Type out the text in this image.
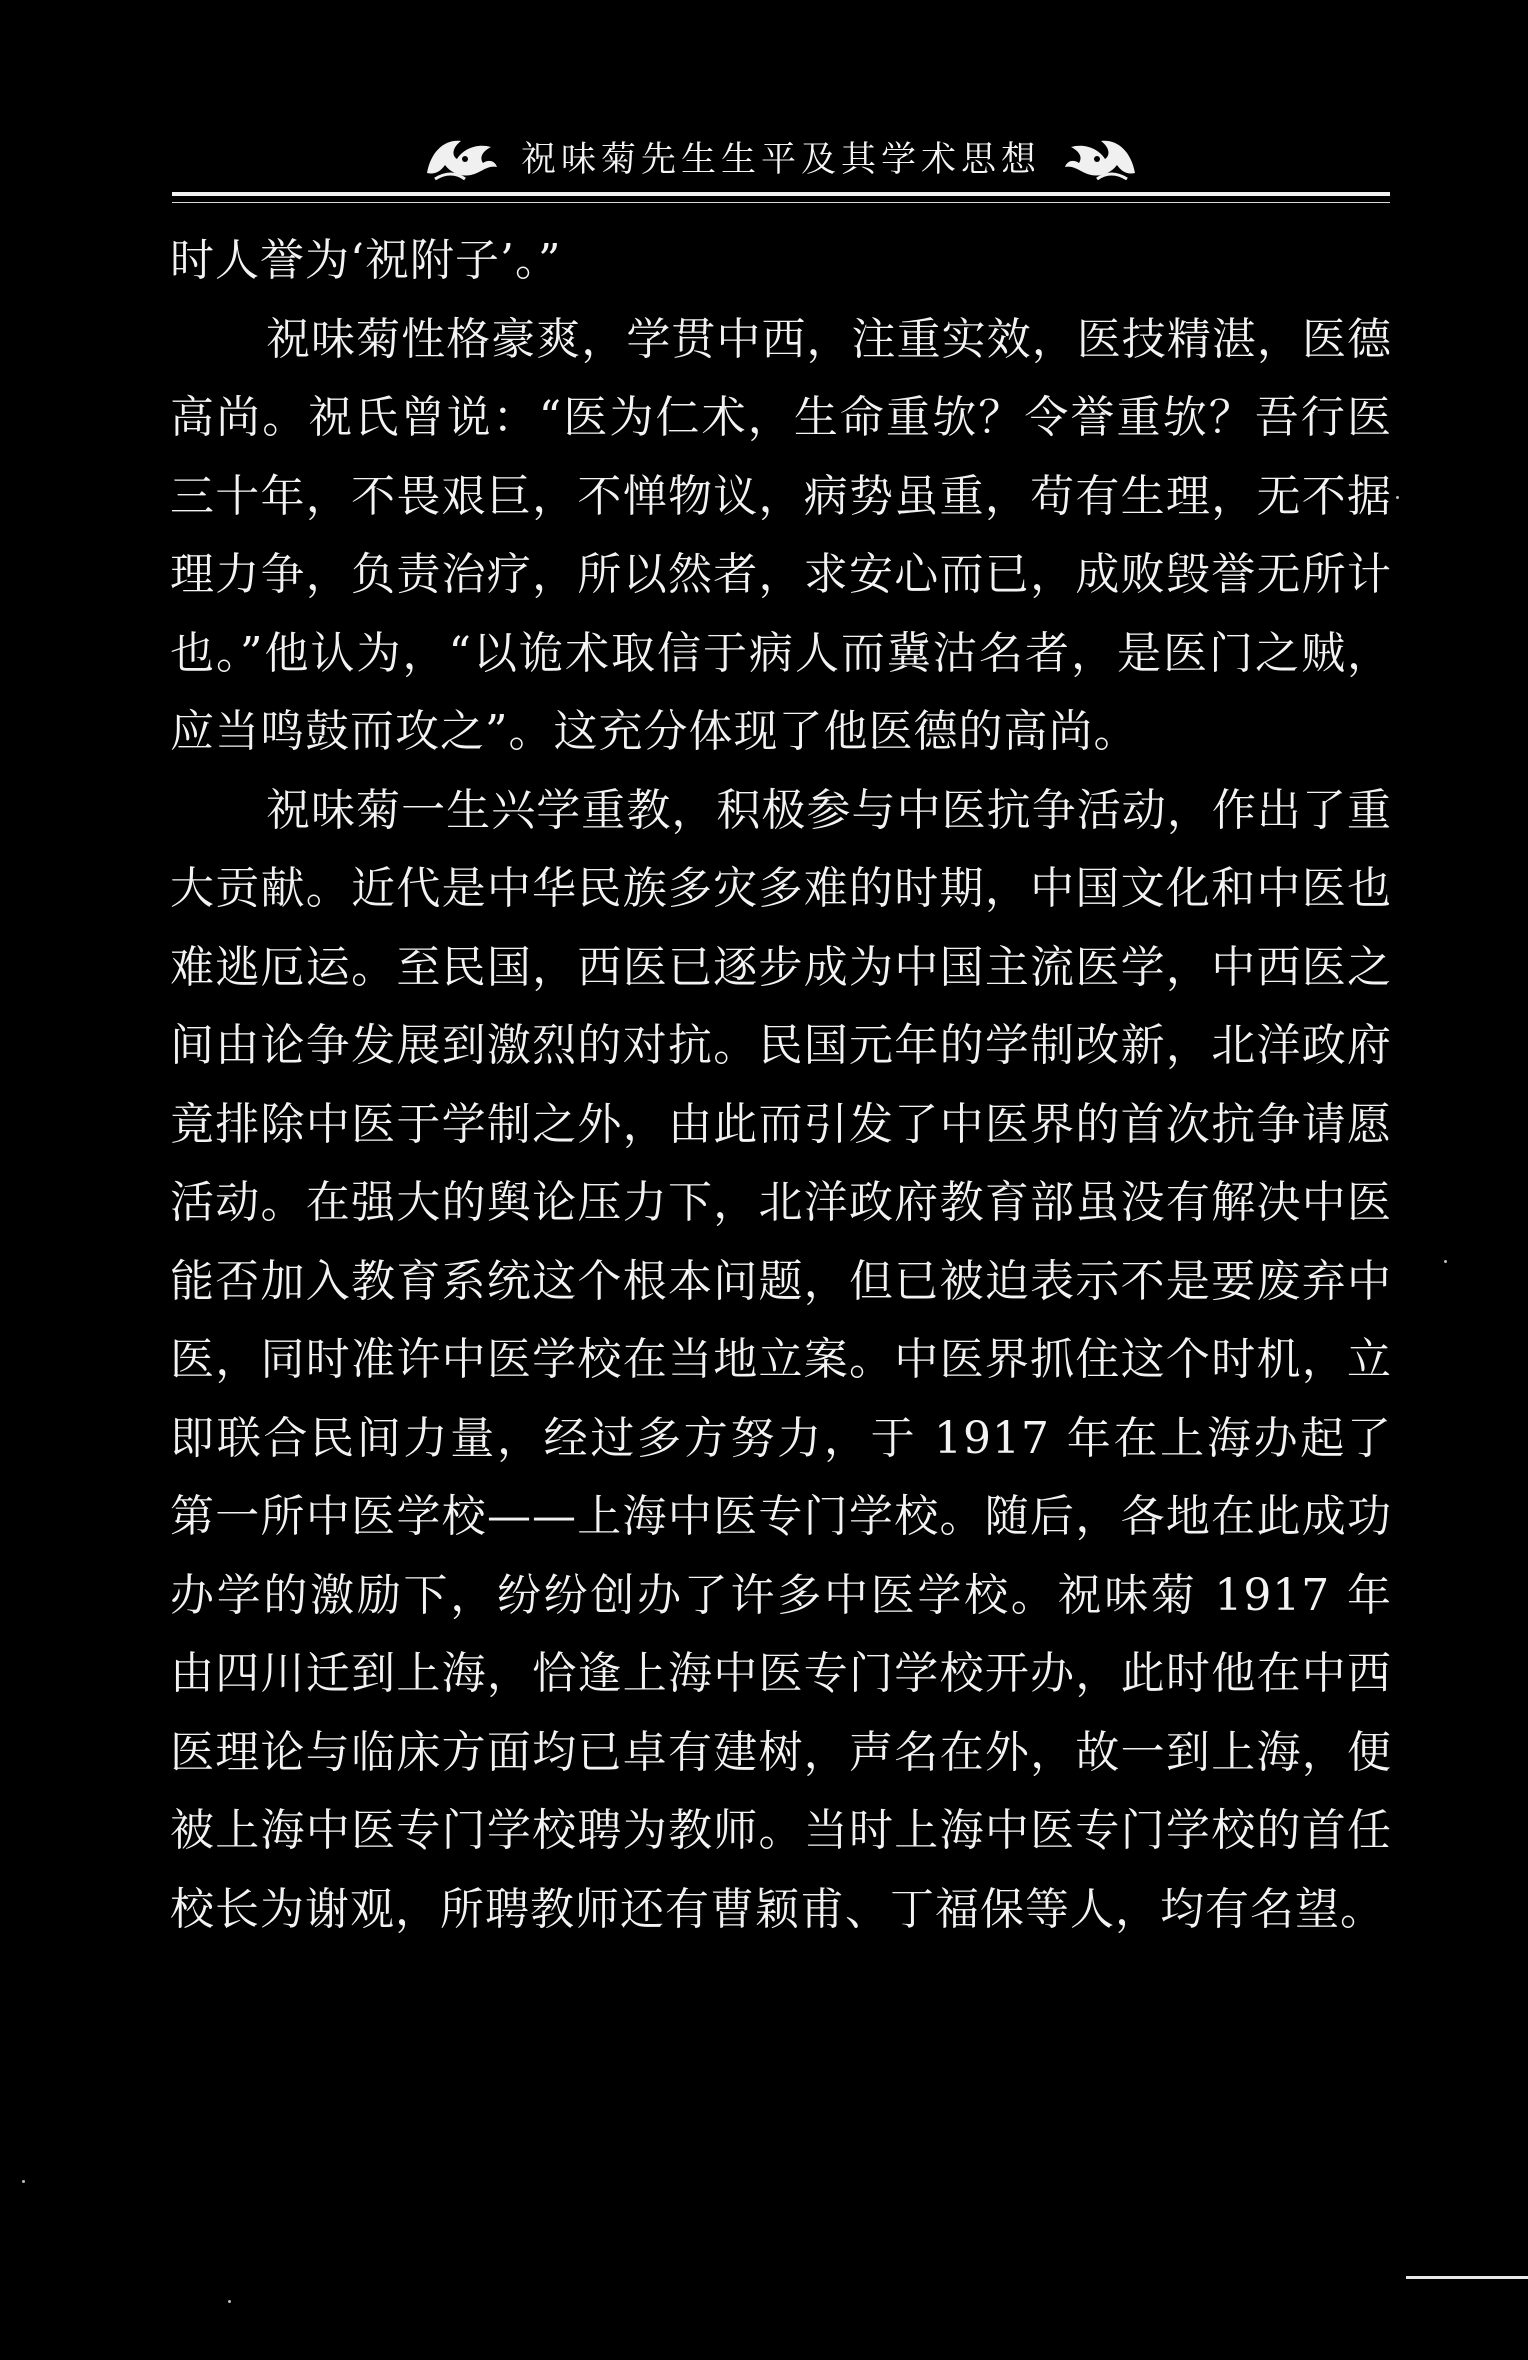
祝味菊先生生平及其学术思想

时人誉为‘祝附子’。”

祝味菊性格豪爽，学贯中西，注重实效，医技精湛，医德高尚。祝氏曾说：“医为仁术，生命重欤？令誉重欤？吾行医三十年，不畏艰巨，不惮物议，病势虽重，苟有生理，无不据理力争，负责治疗，所以然者，求安心而已，成败毁誉无所计也。”他认为，“以诡术取信于病人而冀沽名者，是医门之贼，应当鸣鼓而攻之”。这充分体现了他医德的高尚。

祝味菊一生兴学重教，积极参与中医抗争活动，作出了重大贡献。近代是中华民族多灾多难的时期，中国文化和中医也难逃厄运。至民国，西医已逐步成为中国主流医学，中西医之间由论争发展到激烈的对抗。民国元年的学制改新，北洋政府竟排除中医于学制之外，由此而引发了中医界的首次抗争请愿活动。在强大的舆论压力下，北洋政府教育部虽没有解决中医能否加入教育系统这个根本问题，但已被迫表示不是要废弃中医，同时准许中医学校在当地立案。中医界抓住这个时机，立即联合民间力量，经过多方努力，于 1917 年在上海办起了第一所中医学校——上海中医专门学校。随后，各地在此成功办学的激励下，纷纷创办了许多中医学校。祝味菊 1917 年由四川迁到上海，恰逢上海中医专门学校开办，此时他在中西医理论与临床方面均已卓有建树，声名在外，故一到上海，便被上海中医专门学校聘为教师。当时上海中医专门学校的首任校长为谢观，所聘教师还有曹颖甫、丁福保等人，均有名望。
